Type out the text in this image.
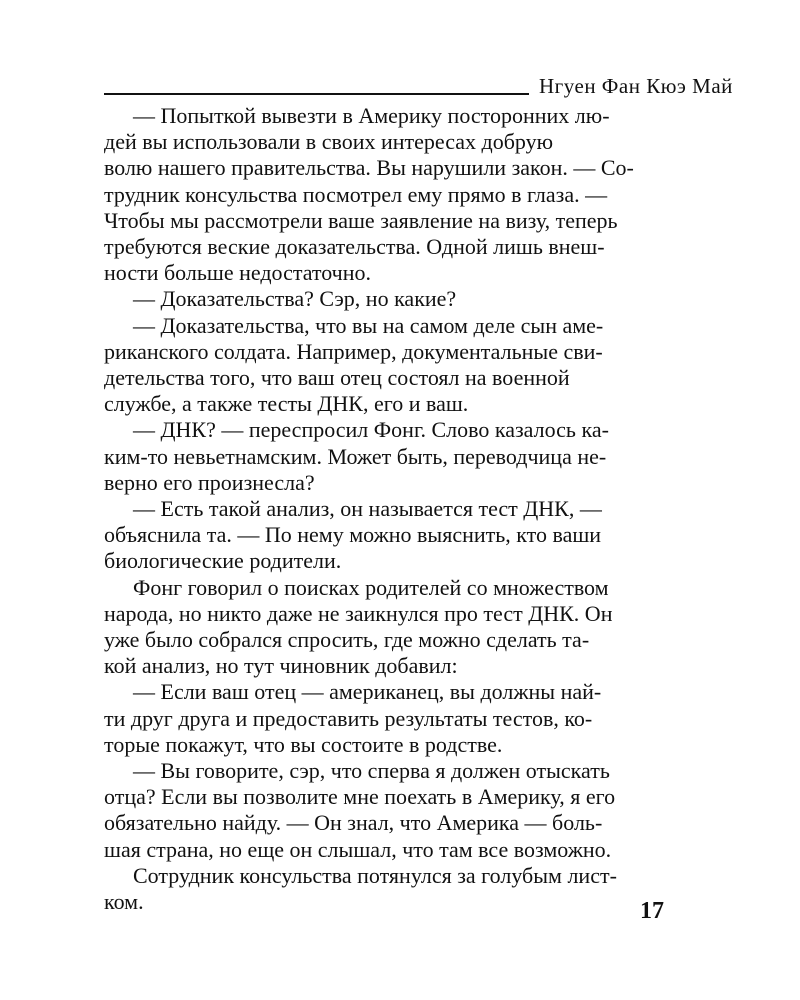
Нгуен Фан Кюэ Май
— Попыткой вывезти в Америку посторонних лю-
дей вы использовали в своих интересах добрую
волю нашего правительства. Вы нарушили закон. — Со-
трудник консульства посмотрел ему прямо в глаза. —
Чтобы мы рассмотрели ваше заявление на визу, теперь
требуются веские доказательства. Одной лишь внеш-
ности больше недостаточно.
— Доказательства? Сэр, но какие?
— Доказательства, что вы на самом деле сын аме-
риканского солдата. Например, документальные сви-
детельства того, что ваш отец состоял на военной
службе, а также тесты ДНК, его и ваш.
— ДНК? — переспросил Фонг. Слово казалось ка-
ким-то невьетнамским. Может быть, переводчица не-
верно его произнесла?
— Есть такой анализ, он называется тест ДНК, —
объяснила та. — По нему можно выяснить, кто ваши
биологические родители.
Фонг говорил о поисках родителей со множеством
народа, но никто даже не заикнулся про тест ДНК. Он
уже было собрался спросить, где можно сделать та-
кой анализ, но тут чиновник добавил:
— Если ваш отец — американец, вы должны най-
ти друг друга и предоставить результаты тестов, ко-
торые покажут, что вы состоите в родстве.
— Вы говорите, сэр, что сперва я должен отыскать
отца? Если вы позволите мне поехать в Америку, я его
обязательно найду. — Он знал, что Америка — боль-
шая страна, но еще он слышал, что там все возможно.
Сотрудник консульства потянулся за голубым лист-
ком.	17
